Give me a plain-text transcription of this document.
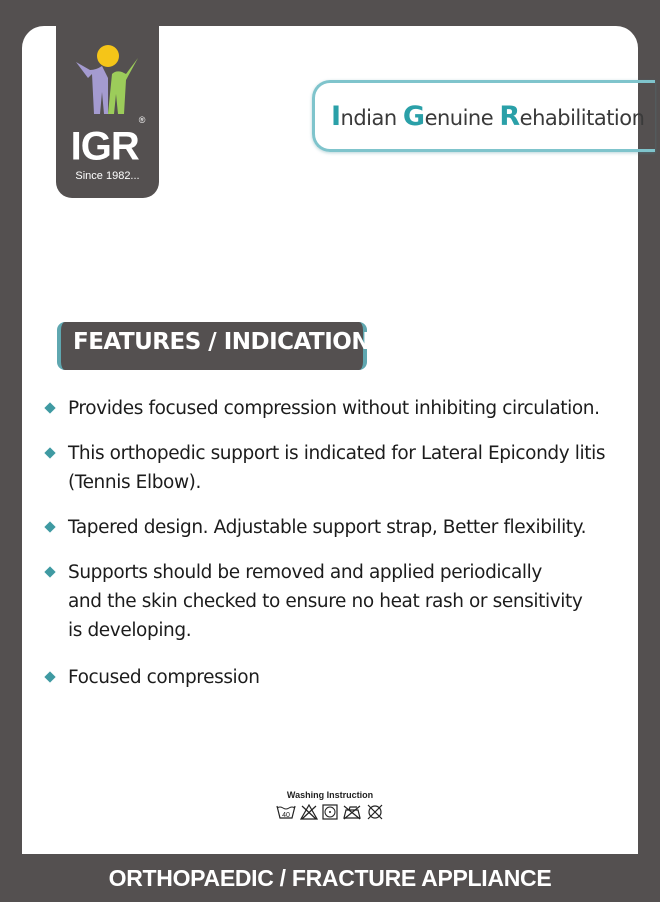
IGR®
Since 1982...
Indian Genuine Rehabilitation
FEATURES / INDICATION
Provides focused compression without inhibiting circulation.
This orthopedic support is indicated for Lateral Epicondy litis
(Tennis Elbow).
Tapered design. Adjustable support strap, Better flexibility.
Supports should be removed and applied periodically
and the skin checked to ensure no heat rash or sensitivity
is developing.
Focused compression
Washing Instruction
40
ORTHOPAEDIC / FRACTURE APPLIANCE
